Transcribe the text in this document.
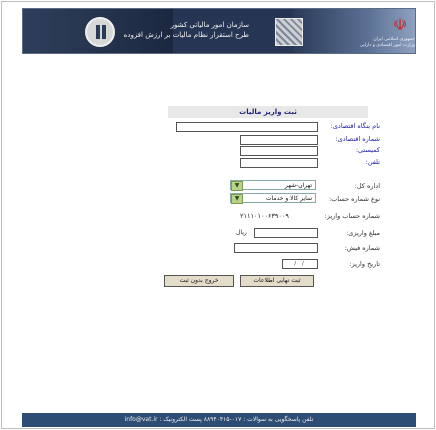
سازمان امور مالیاتی کشور
طرح استقرار نظام مالیات بر ارزش افزوده
☫
جمهوری اسلامی ایران
وزارت امور اقتصادی و دارایی
ثبت واریز مالیات
نام بنگاه اقتصادی:
شماره اقتصادی:
کمیستی:
تلفن:
اداره کل:
تهران-شهر
▼
نوع شماره حساب:
سایر کالا و خدمات
▼
شماره حساب واریز:
۲۱۱۱۰۱۰۰۶۳۹۰۰۹
مبلغ واریزی:
ریال
شماره فیش:
تاریخ واریز:
/ /
ثبت نهایی اطلاعات
خروج بدون ثبت
تلفن پاسخگویی به سوالات : ۰۱۷-۸۸۹۴۰۴۱۵ پست الکترونیک : info@vat.ir
